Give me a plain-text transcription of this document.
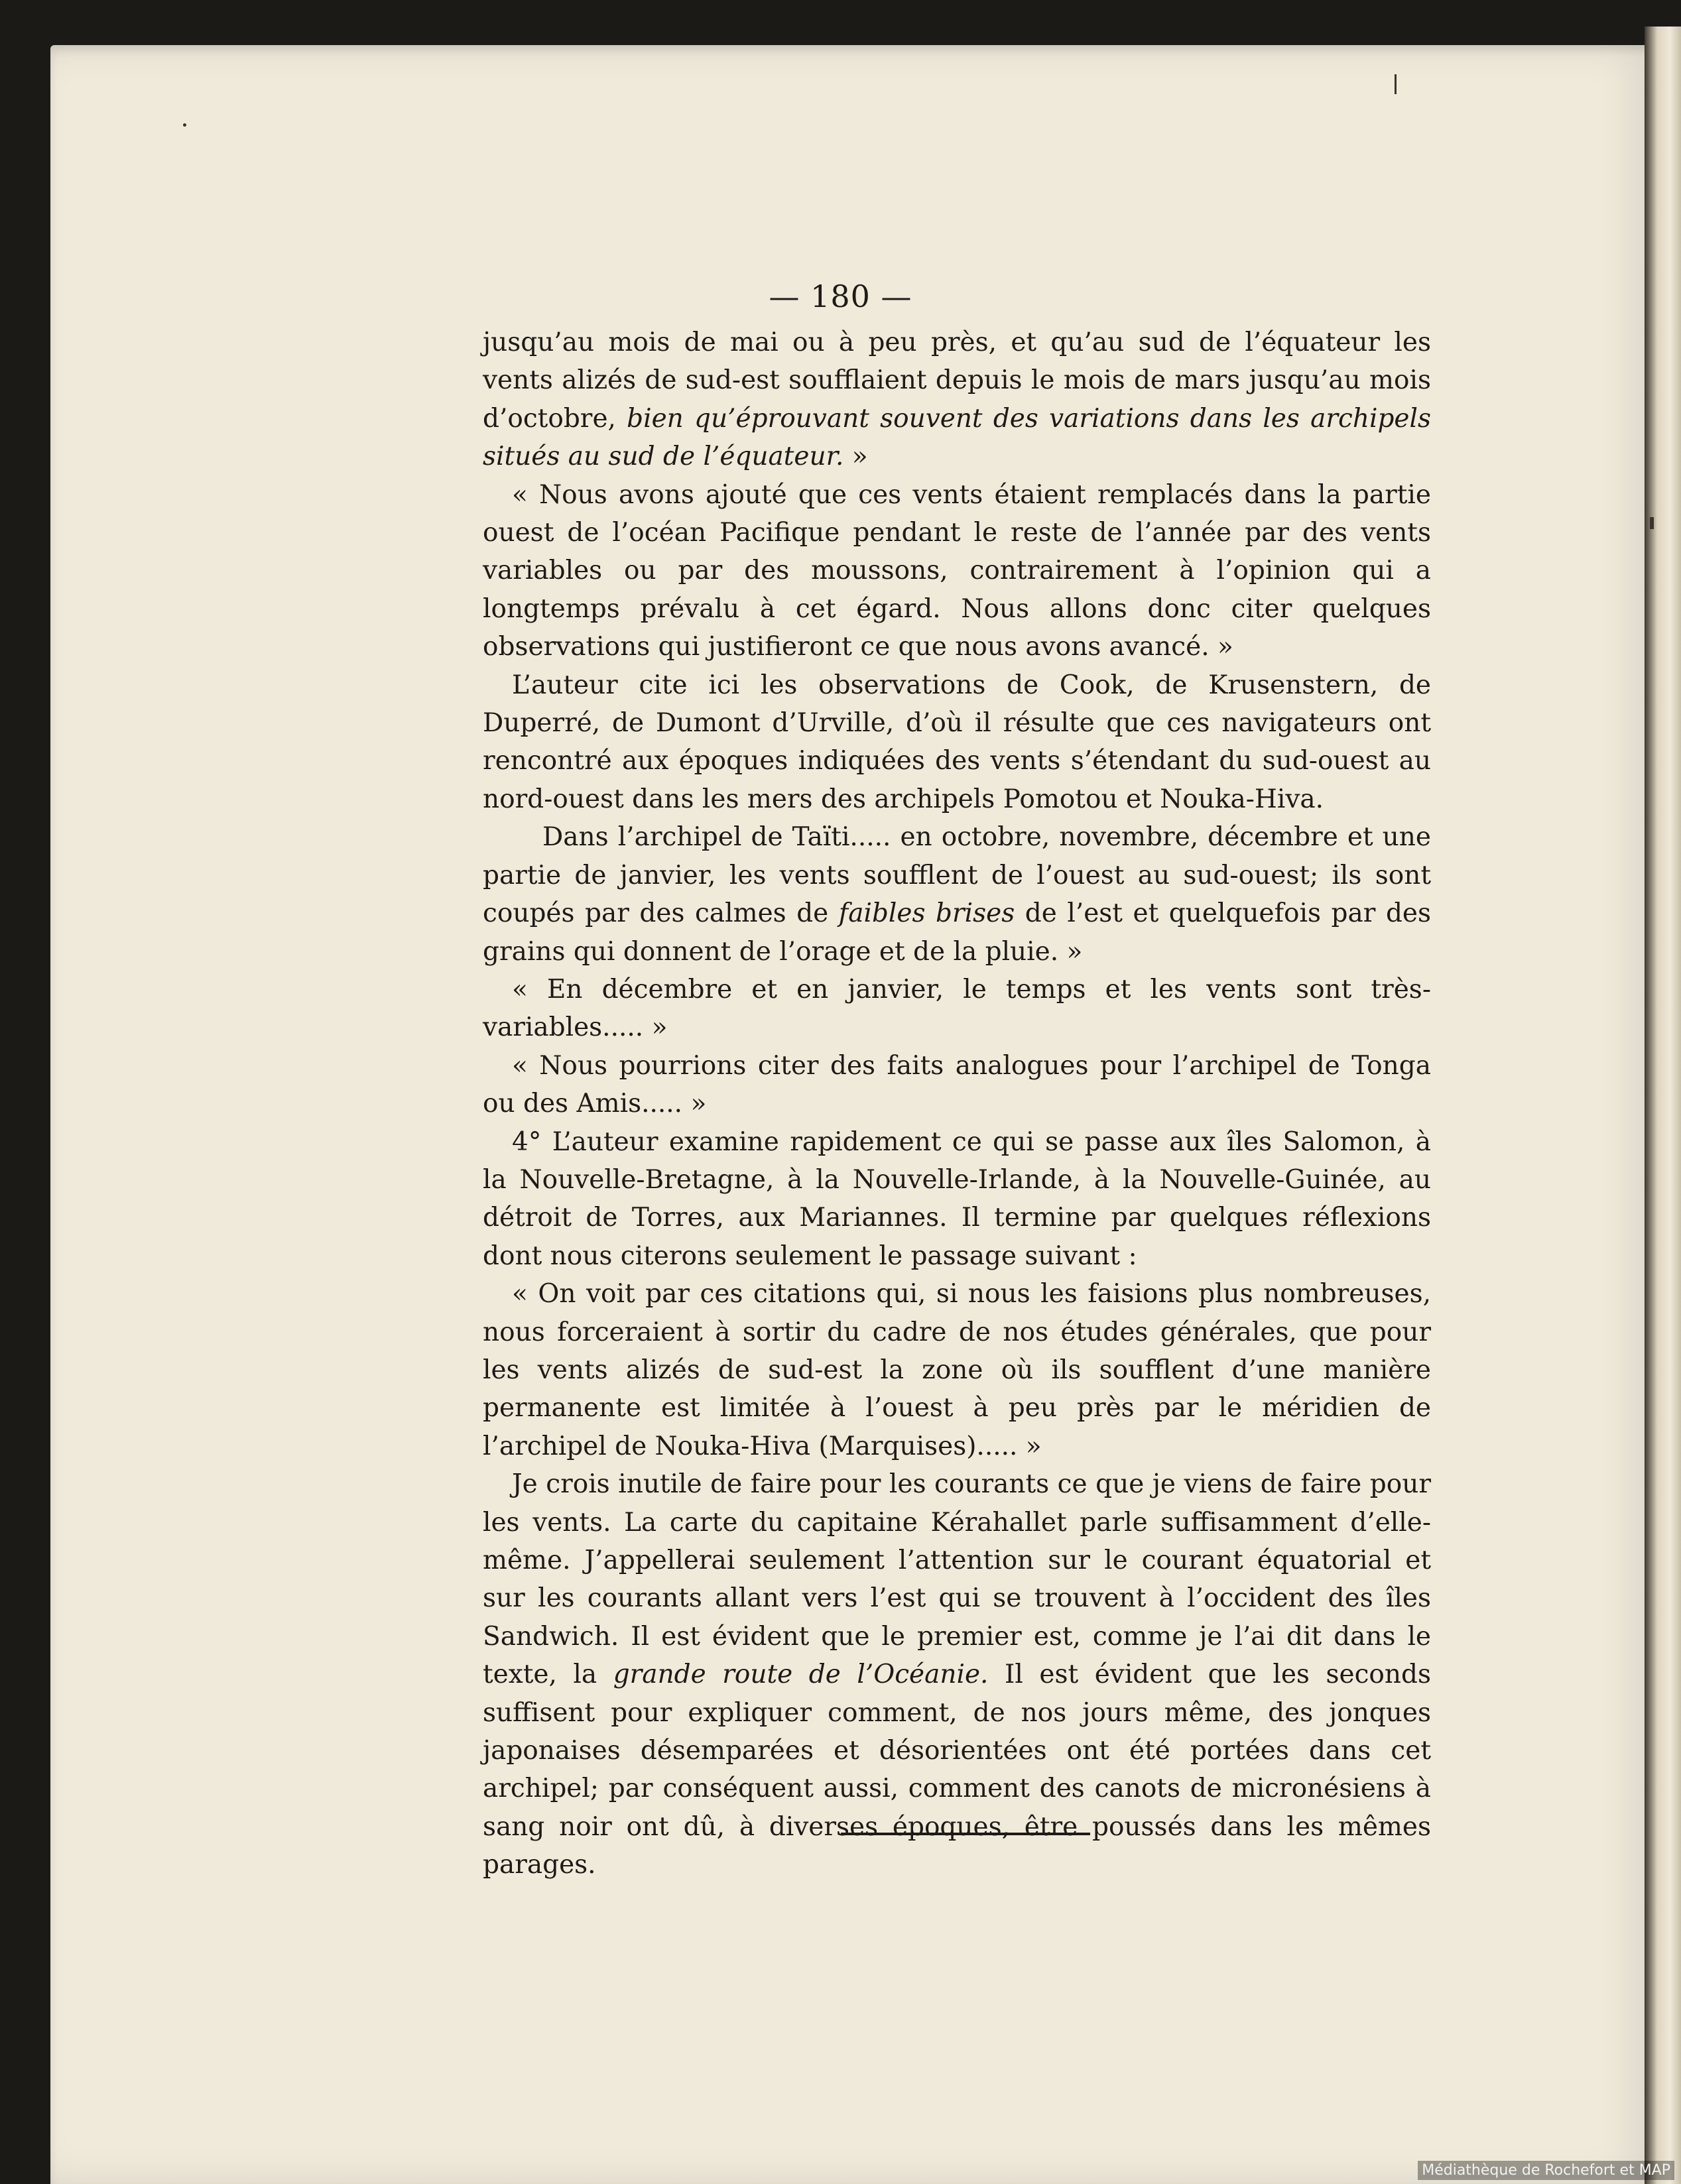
— 180 —

jusqu’au mois de mai ou à peu près, et qu’au sud de l’équateur les vents alizés de sud-est soufflaient depuis le mois de mars jusqu’au mois d’octobre, bien qu’éprouvant souvent des variations dans les archipels situés au sud de l’équateur. »

« Nous avons ajouté que ces vents étaient remplacés dans la partie ouest de l’océan Pacifique pendant le reste de l’année par des vents variables ou par des moussons, contrairement à l’opinion qui a longtemps prévalu à cet égard. Nous allons donc citer quelques observations qui justifieront ce que nous avons avancé. »

L’auteur cite ici les observations de Cook, de Krusenstern, de Duperré, de Dumont d’Urville, d’où il résulte que ces navigateurs ont rencontré aux époques indiquées des vents s’étendant du sud-ouest au nord-ouest dans les mers des archipels Pomotou et Nouka-Hiva.

Dans l’archipel de Taïti..... en octobre, novembre, décembre et une partie de janvier, les vents soufflent de l’ouest au sud-ouest; ils sont coupés par des calmes de faibles brises de l’est et quelquefois par des grains qui donnent de l’orage et de la pluie. »

« En décembre et en janvier, le temps et les vents sont très-variables..... »

« Nous pourrions citer des faits analogues pour l’archipel de Tonga ou des Amis..... »

4° L’auteur examine rapidement ce qui se passe aux îles Salomon, à la Nouvelle-Bretagne, à la Nouvelle-Irlande, à la Nouvelle-Guinée, au détroit de Torres, aux Mariannes. Il termine par quelques réflexions dont nous citerons seulement le passage suivant :

« On voit par ces citations qui, si nous les faisions plus nombreuses, nous forceraient à sortir du cadre de nos études générales, que pour les vents alizés de sud-est la zone où ils soufflent d’une manière permanente est limitée à l’ouest à peu près par le méridien de l’archipel de Nouka-Hiva (Marquises)..... »

Je crois inutile de faire pour les courants ce que je viens de faire pour les vents. La carte du capitaine Kérahallet parle suffisamment d’elle-même. J’appellerai seulement l’attention sur le courant équatorial et sur les courants allant vers l’est qui se trouvent à l’occident des îles Sandwich. Il est évident que le premier est, comme je l’ai dit dans le texte, la grande route de l’Océanie. Il est évident que les seconds suffisent pour expliquer comment, de nos jours même, des jonques japonaises désemparées et désorientées ont été portées dans cet archipel; par conséquent aussi, comment des canots de micronésiens à sang noir ont dû, à diverses époques, être poussés dans les mêmes parages.

Médiathèque de Rochefort et MAP
